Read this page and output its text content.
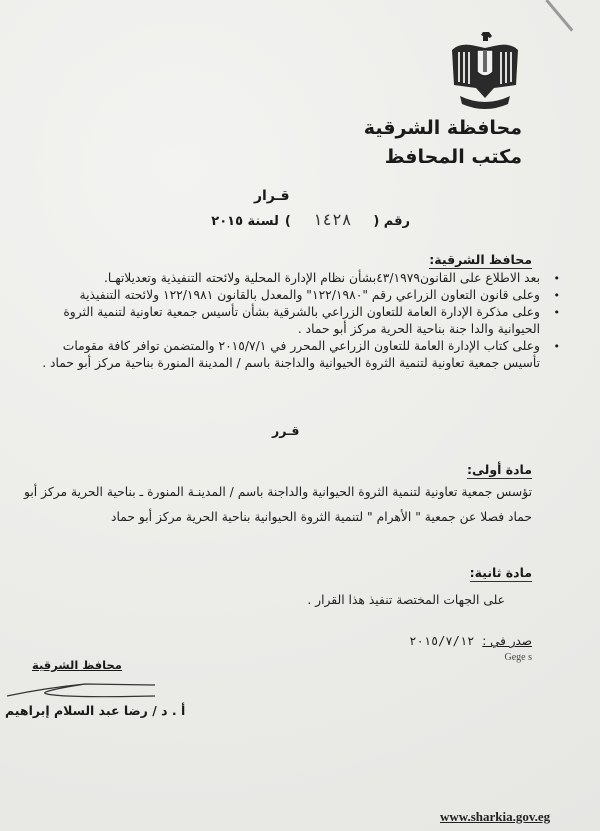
محافظة الشرقية
مكتب المحافظ
قـرار
رقم (
١٤٢٨
)
لسنة ٢٠١٥
محافظ الشرقية:
• بعد الاطلاع على القانون٤٣/١٩٧٩بشأن نظام الإدارة المحلية ولائحته التنفيذية وتعديلاتهـا.
• وعلى قانون التعاون الزراعي رقم "١٢٢/١٩٨٠" والمعدل بالقانون ١٢٢/١٩٨١ ولائحته التنفيذية
• وعلى مذكرة الإدارة العامة للتعاون الزراعي بالشرقية بشأن تأسيس جمعية تعاونية لتنمية الثروة
الحيوانية والدا جنة بناحية الحرية مركز أبو حماد .
• وعلى كتاب الإدارة العامة للتعاون الزراعي المحرر في ٢٠١٥/٧/١ والمتضمن توافر كافة مقومات
تأسيس جمعية تعاونية لتنمية الثروة الحيوانية والداجنة باسم / المدينة المنورة بناحية مركز أبو حماد .
قـرر
مادة أولى:
تؤسس جمعية تعاونية لتنمية الثروة الحيوانية والداجنة باسم / المدينـة المنورة ـ بناحية الحرية مركز أبو
حماد فصلا عن جمعية " الأهرام " لتنمية الثروة الحيوانية بناحية الحرية مركز أبو حماد
مادة ثانية:
على الجهات المختصة تنفيذ هذا القرار .
صدر في :
٢٠١٥/٧/١٢
Gege s
محافظ الشرقية
أ . د / رضا عبد السلام إبراهيم
www.sharkia.gov.eg
